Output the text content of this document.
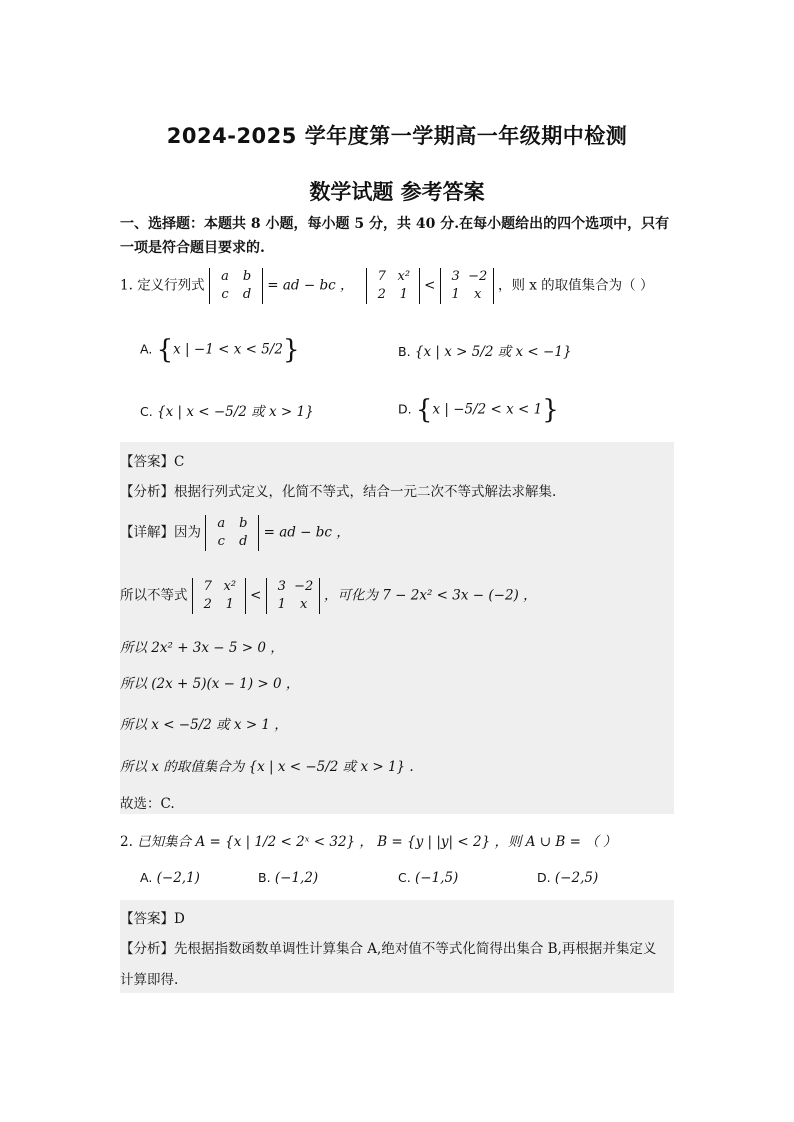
2024-2025 学年度第一学期高一年级期中检测
数学试题 参考答案
一、选择题：本题共 8 小题，每小题 5 分，共 40 分.在每小题给出的四个选项中，只有
一项是符合题目要求的.
1. 定义行列式
a b
c d
= ad − bc ，
7 x²
2 1
<
3 −2
1 x
，则 x 的取值集合为（ ）
A. {x | −1 < x < 5/2}	B. {x | x > 5/2 或 x < −1}
C. {x | x < −5/2 或 x > 1}	D. {x | −5/2 < x < 1}
【答案】C
【分析】根据行列式定义，化简不等式，结合一元二次不等式解法求解集.
【详解】因为
a b
c d
= ad − bc ，
所以不等式
7 x²
2 1
<
3 −2
1 x
，可化为 7 − 2x² < 3x − (−2) ，
所以 2x² + 3x − 5 > 0 ，
所以 (2x + 5)(x − 1) > 0 ，
所以 x < −5/2 或 x > 1 ，
所以 x 的取值集合为 {x | x < −5/2 或 x > 1} .
故选：C.
2. 已知集合 A = {x | 1/2 < 2ˣ < 32} ， B = {y | |y| < 2} ，则 A ∪ B = （ ）
A. (−2,1)	B. (−1,2)	C. (−1,5)	D. (−2,5)
【答案】D
【分析】先根据指数函数单调性计算集合 A,绝对值不等式化简得出集合 B,再根据并集定义
计算即得.
